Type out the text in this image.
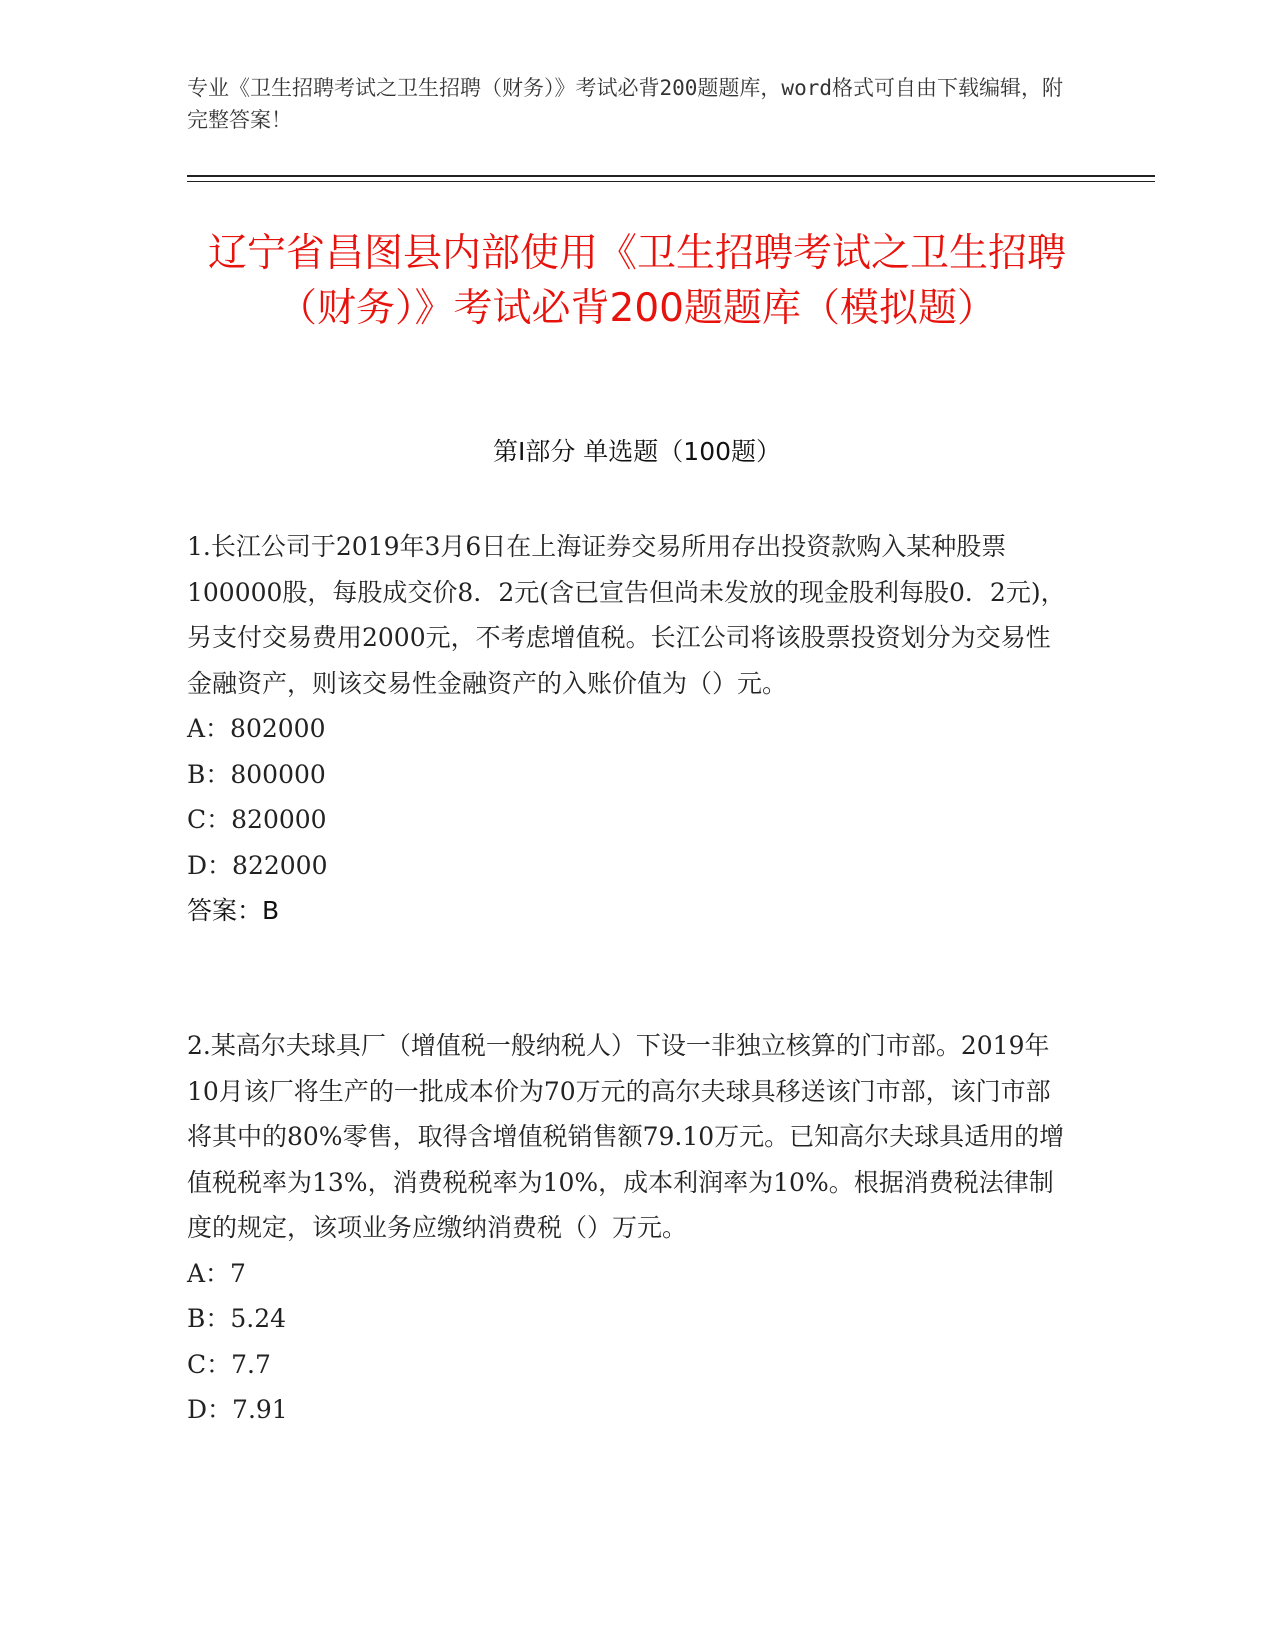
专业《卫生招聘考试之卫生招聘（财务）》考试必背200题题库，word格式可自由下载编辑，附完整答案！
辽宁省昌图县内部使用《卫生招聘考试之卫生招聘（财务）》考试必背200题题库（模拟题）
第Ⅰ部分 单选题（100题）
1.长江公司于2019年3月6日在上海证券交易所用存出投资款购入某种股票100000股，每股成交价8．2元(含已宣告但尚未发放的现金股利每股0．2元)，另支付交易费用2000元，不考虑增值税。长江公司将该股票投资划分为交易性金融资产，则该交易性金融资产的入账价值为（）元。
A：802000
B：800000
C：820000
D：822000
答案：B
2.某高尔夫球具厂（增值税一般纳税人）下设一非独立核算的门市部。2019年10月该厂将生产的一批成本价为70万元的高尔夫球具移送该门市部，该门市部将其中的80%零售，取得含增值税销售额79.10万元。已知高尔夫球具适用的增值税税率为13%，消费税税率为10%，成本利润率为10%。根据消费税法律制度的规定，该项业务应缴纳消费税（）万元。
A：7
B：5.24
C：7.7
D：7.91
